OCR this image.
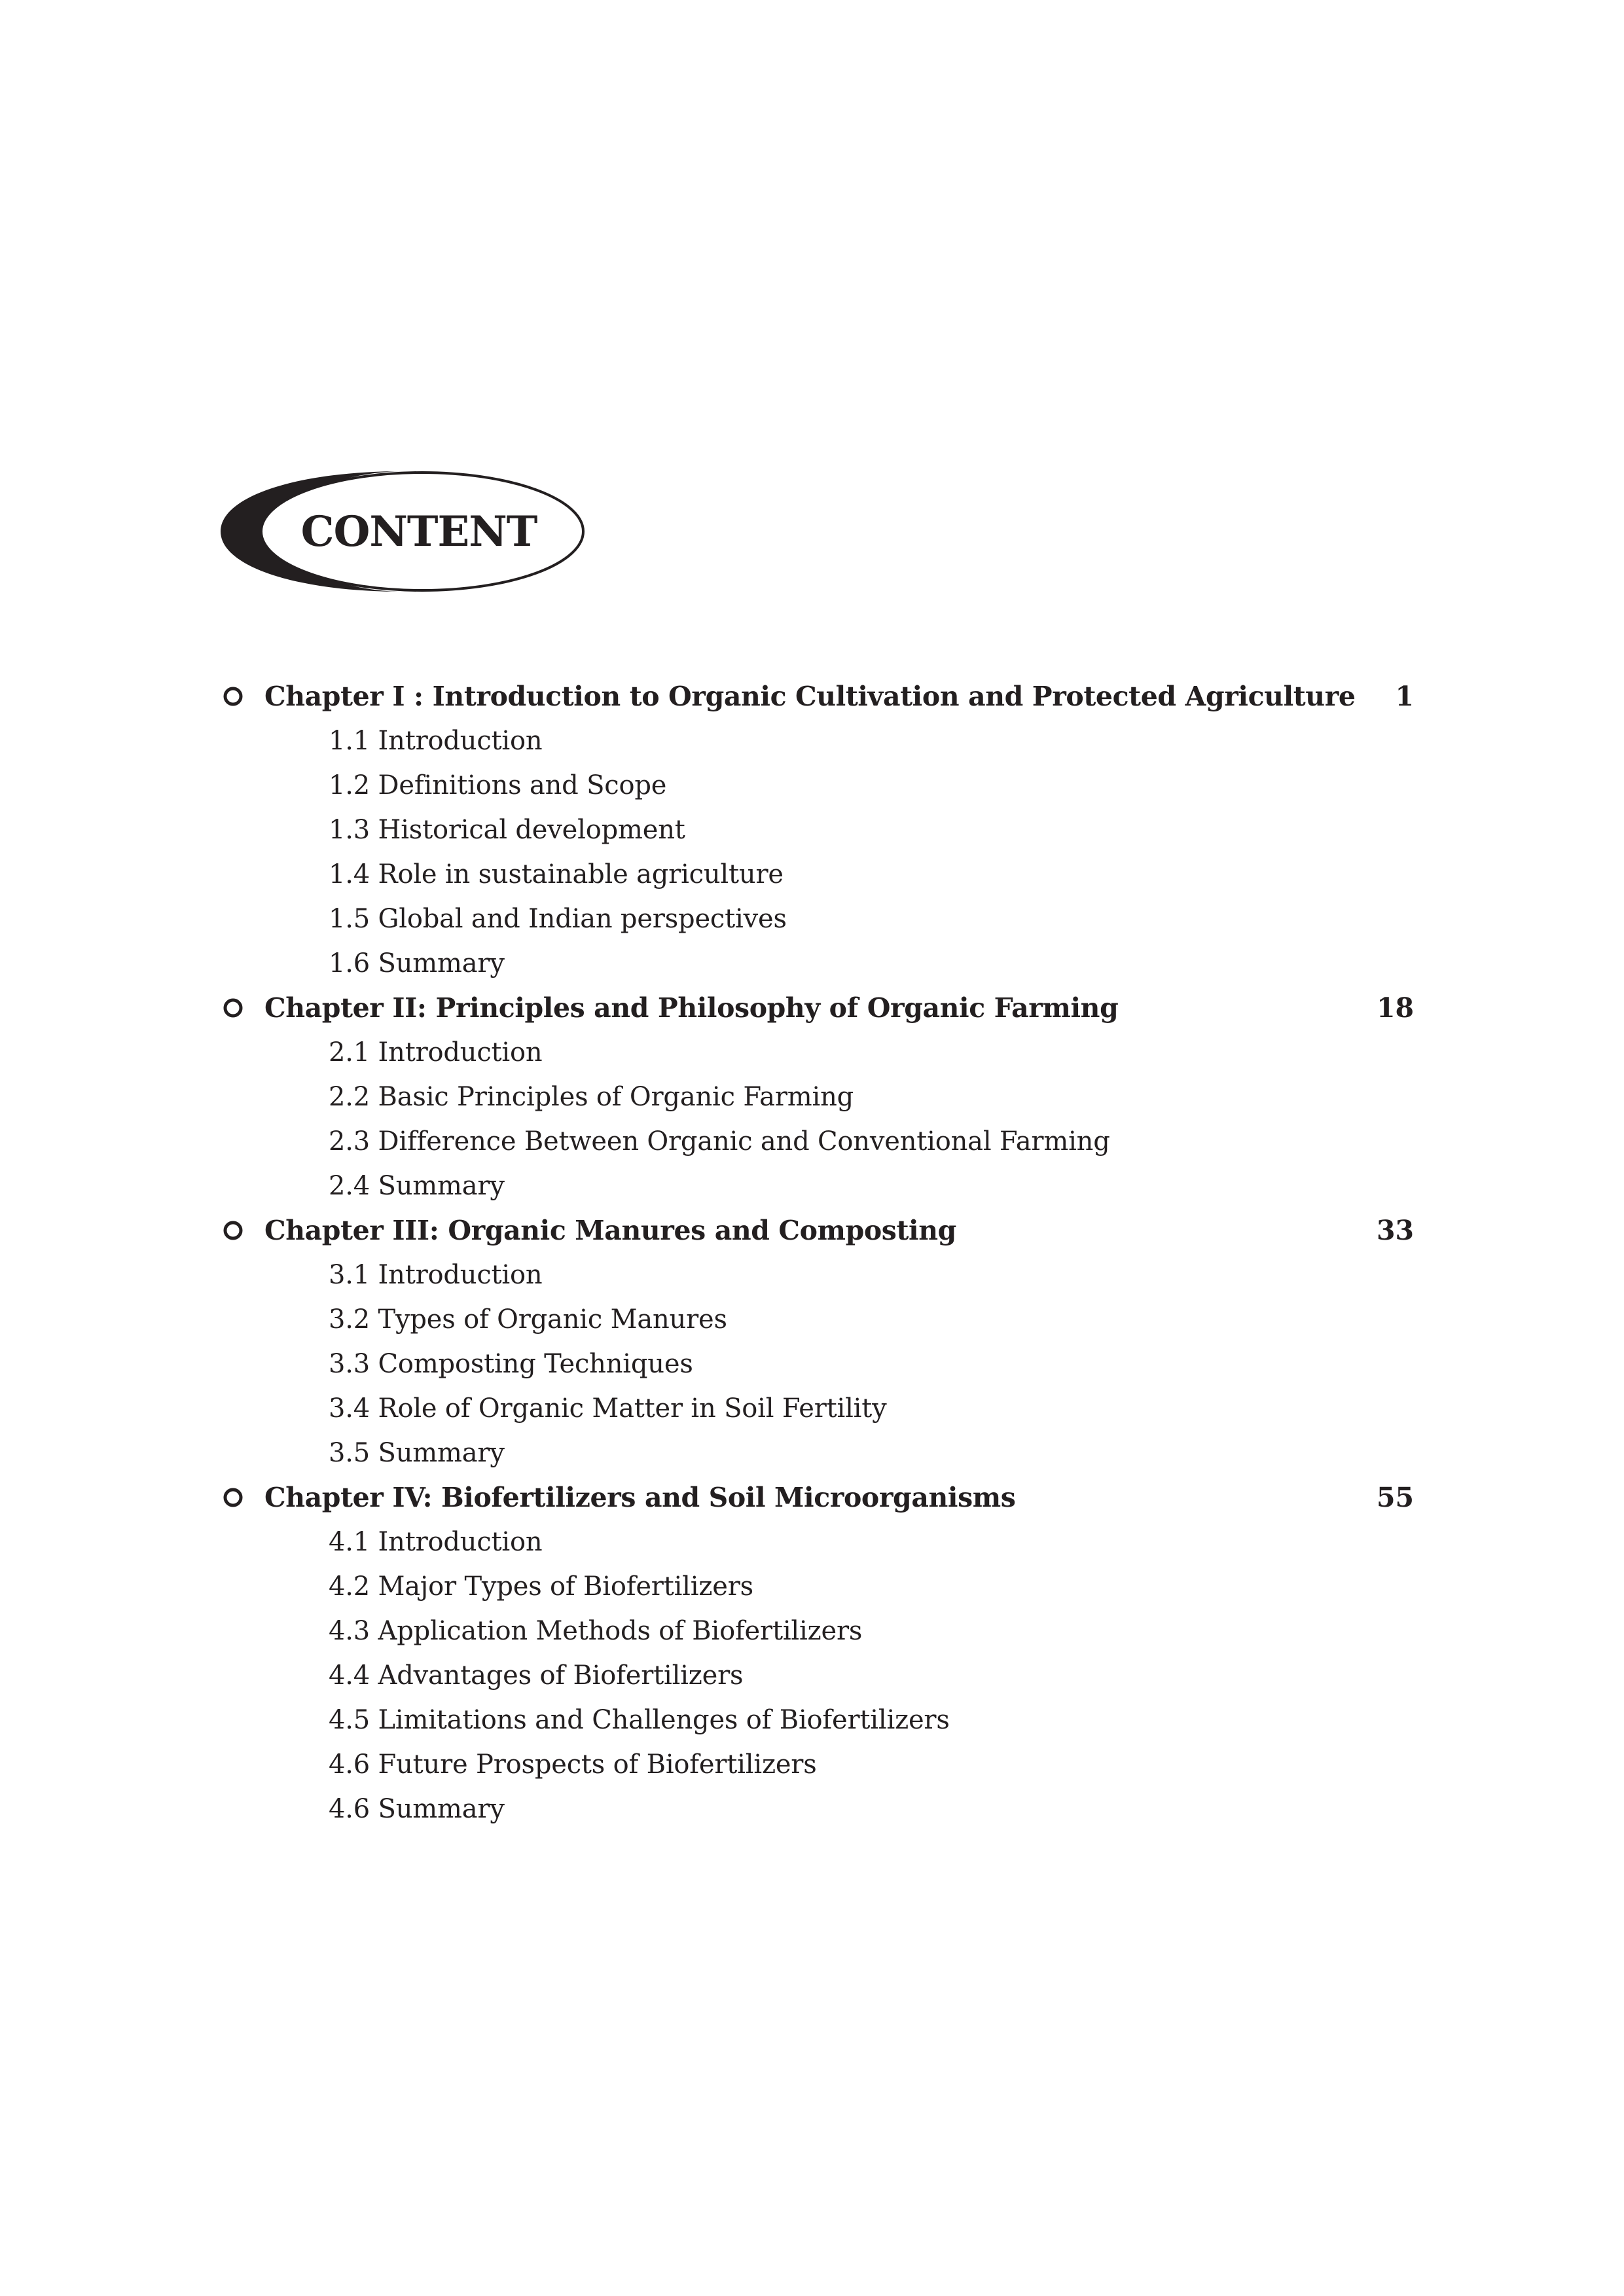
CONTENT
Chapter I : Introduction to Organic Cultivation and Protected Agriculture 1
1.1 Introduction
1.2 Definitions and Scope
1.3 Historical development
1.4 Role in sustainable agriculture
1.5 Global and Indian perspectives
1.6 Summary
Chapter II: Principles and Philosophy of Organic Farming	18
2.1 Introduction
2.2 Basic Principles of Organic Farming
2.3 Difference Between Organic and Conventional Farming
2.4 Summary
Chapter III: Organic Manures and Composting	33
3.1 Introduction
3.2 Types of Organic Manures
3.3 Composting Techniques
3.4 Role of Organic Matter in Soil Fertility
3.5 Summary
Chapter IV: Biofertilizers and Soil Microorganisms	55
4.1 Introduction
4.2 Major Types of Biofertilizers
4.3 Application Methods of Biofertilizers
4.4 Advantages of Biofertilizers
4.5 Limitations and Challenges of Biofertilizers
4.6 Future Prospects of Biofertilizers
4.6 Summary
